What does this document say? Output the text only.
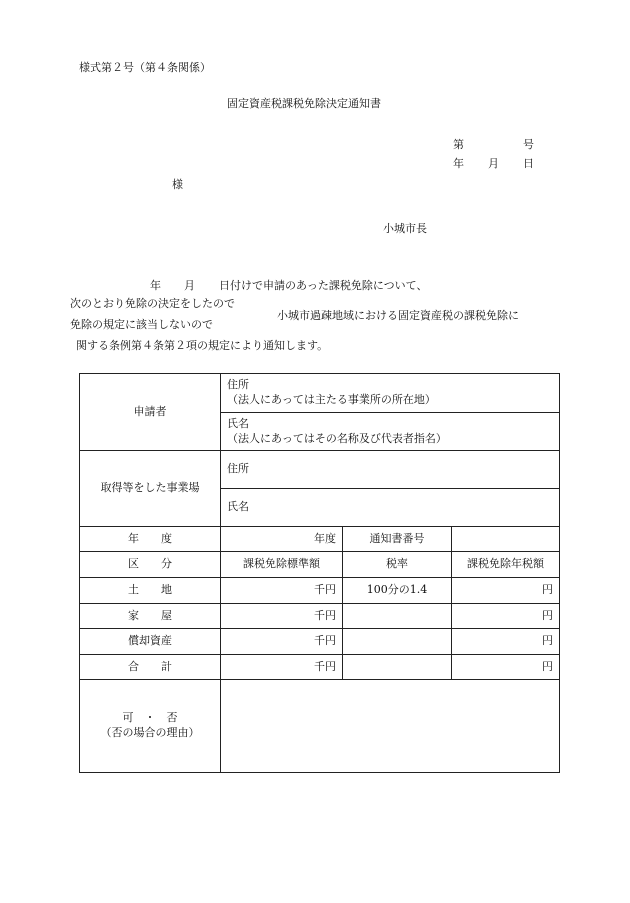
様式第２号（第４条関係）
固定資産税課税免除決定通知書
第	号
年 月 日
様
小城市長
年 月 日付けで申請のあった課税免除について、
次のとおり免除の決定をしたので
免除の規定に該当しないので
小城市過疎地域における固定資産税の課税免除に
関する条例第４条第２項の規定により通知します。
申請者	住所
（法人にあっては主たる事業所の所在地）		

	氏名
（法人にあってはその名称及び代表者指名）		

取得等をした事業場	住所		
	氏名		
年　　度	年度	通知書番号	
区　　分	課税免除標準額	税率	課税免除年税額
土　　地	千円	100分の1.4	円
家　　屋	千円		円
償却資産	千円		円
合　　計	千円		円

可　・　否
（否の場合の理由）			
